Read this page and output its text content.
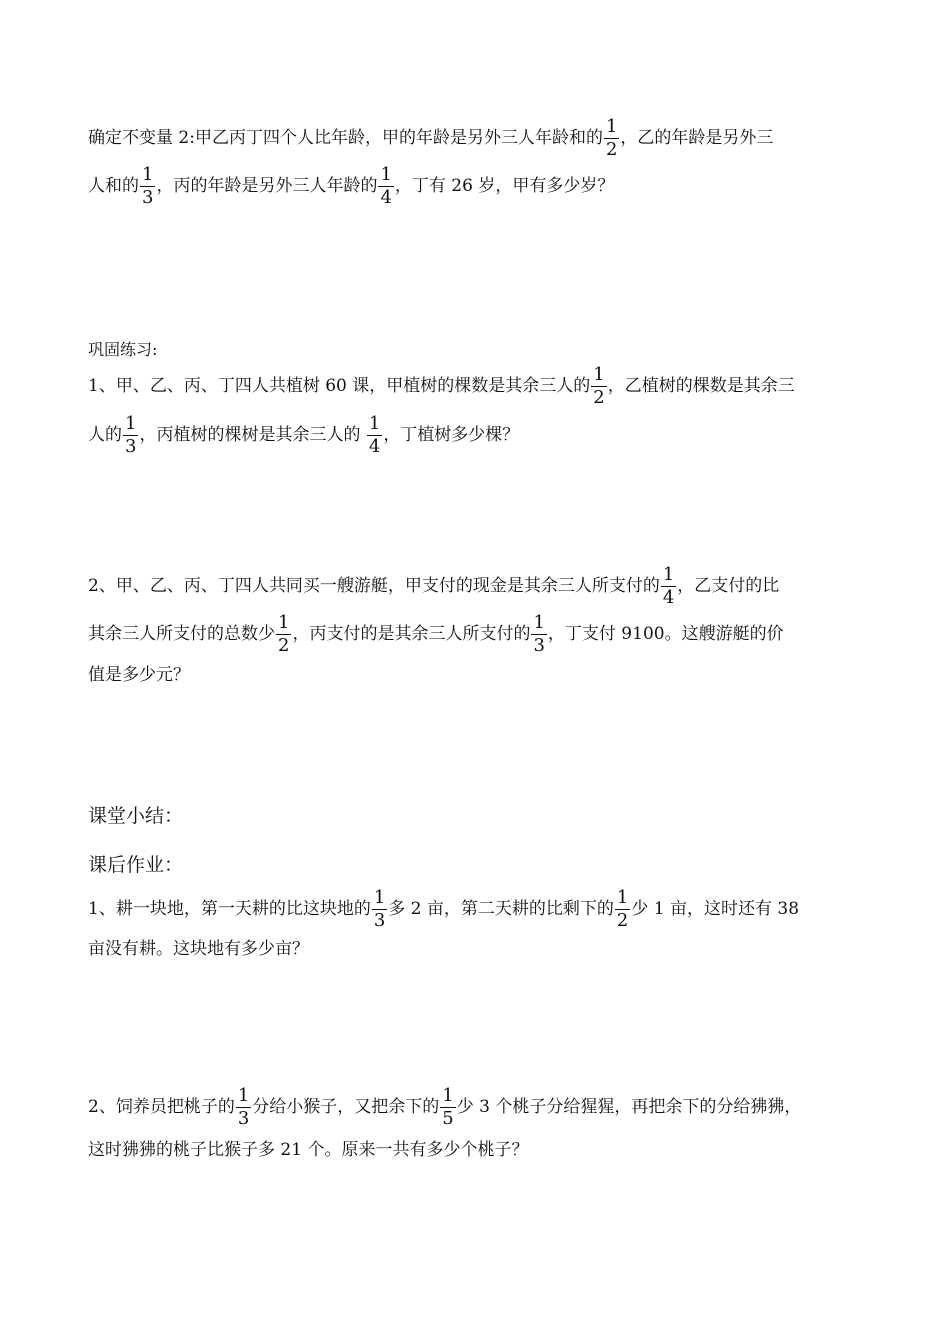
确定不变量 2:甲乙丙丁四个人比年龄，甲的年龄是另外三人年龄和的 $\frac{1}{2}$ ，乙的年龄是另外三
人和的 $\frac{1}{3}$ ，丙的年龄是另外三人年龄的 $\frac{1}{4}$ ，丁有 26 岁，甲有多少岁？
巩固练习:
1、甲、乙、丙、丁四人共植树 60 课，甲植树的棵数是其余三人的 $\frac{1}{2}$ ，乙植树的棵数是其余三
人的 $\frac{1}{3}$ ，丙植树的棵树是其余三人的 $\frac{1}{4}$ ，丁植树多少棵？
2、甲、乙、丙、丁四人共同买一艘游艇，甲支付的现金是其余三人所支付的 $\frac{1}{4}$ ，乙支付的比
其余三人所支付的总数少 $\frac{1}{2}$ ，丙支付的是其余三人所支付的 $\frac{1}{3}$ ，丁支付 9100。这艘游艇的价
值是多少元？
课堂小结：
课后作业：
1、耕一块地，第一天耕的比这块地的 $\frac{1}{3}$ 多 2 亩，第二天耕的比剩下的 $\frac{1}{2}$ 少 1 亩，这时还有 38
亩没有耕。这块地有多少亩？
2、饲养员把桃子的 $\frac{1}{3}$ 分给小猴子，又把余下的 $\frac{1}{5}$ 少 3 个桃子分给猩猩，再把余下的分给狒狒，
这时狒狒的桃子比猴子多 21 个。原来一共有多少个桃子？
